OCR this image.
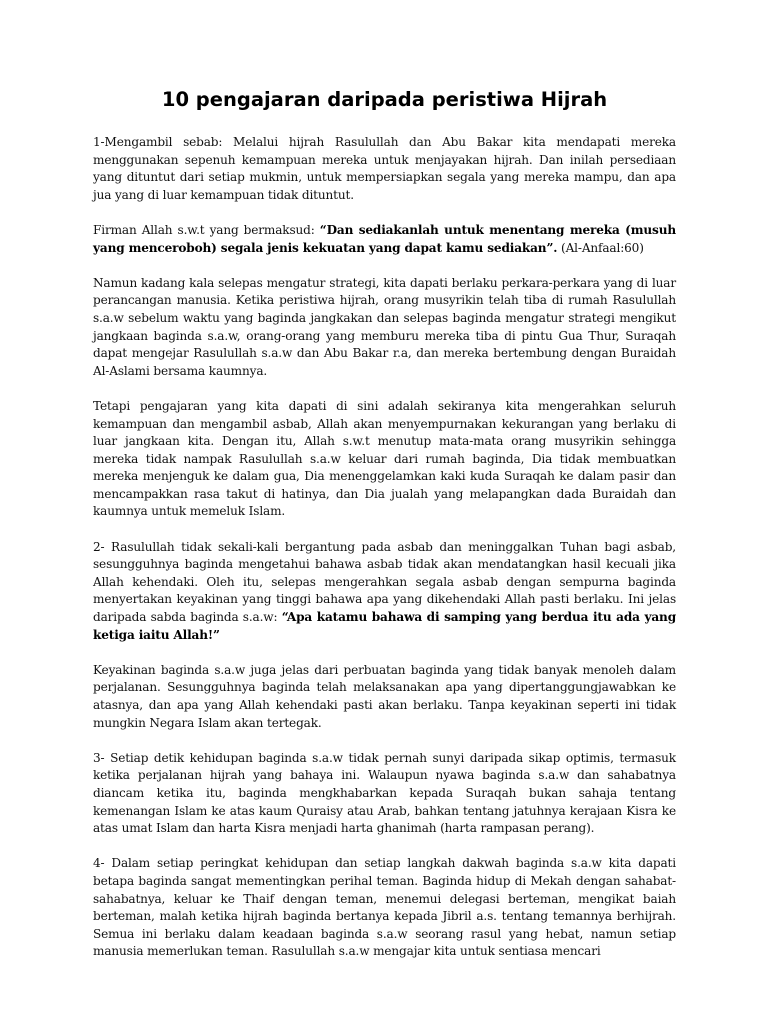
10 pengajaran daripada peristiwa Hijrah

1-Mengambil sebab: Melalui hijrah Rasulullah dan Abu Bakar kita mendapati mereka menggunakan sepenuh kemampuan mereka untuk menjayakan hijrah. Dan inilah persediaan yang dituntut dari setiap mukmin, untuk mempersiapkan segala yang mereka mampu, dan apa jua yang di luar kemampuan tidak dituntut.

Firman Allah s.w.t yang bermaksud: “Dan sediakanlah untuk menentang mereka (musuh yang menceroboh) segala jenis kekuatan yang dapat kamu sediakan”. (Al-Anfaal:60)

Namun kadang kala selepas mengatur strategi, kita dapati berlaku perkara-perkara yang di luar perancangan manusia. Ketika peristiwa hijrah, orang musyrikin telah tiba di rumah Rasulullah s.a.w sebelum waktu yang baginda jangkakan dan selepas baginda mengatur strategi mengikut jangkaan baginda s.a.w, orang-orang yang memburu mereka tiba di pintu Gua Thur, Suraqah dapat mengejar Rasulullah s.a.w dan Abu Bakar r.a, dan mereka bertembung dengan Buraidah Al-Aslami bersama kaumnya.

Tetapi pengajaran yang kita dapati di sini adalah sekiranya kita mengerahkan seluruh kemampuan dan mengambil asbab, Allah akan menyempurnakan kekurangan yang berlaku di luar jangkaan kita. Dengan itu, Allah s.w.t menutup mata-mata orang musyrikin sehingga mereka tidak nampak Rasulullah s.a.w keluar dari rumah baginda, Dia tidak membuatkan mereka menjenguk ke dalam gua, Dia menenggelamkan kaki kuda Suraqah ke dalam pasir dan mencampakkan rasa takut di hatinya, dan Dia jualah yang melapangkan dada Buraidah dan kaumnya untuk memeluk Islam.

2- Rasulullah tidak sekali-kali bergantung pada asbab dan meninggalkan Tuhan bagi asbab, sesungguhnya baginda mengetahui bahawa asbab tidak akan mendatangkan hasil kecuali jika Allah kehendaki. Oleh itu, selepas mengerahkan segala asbab dengan sempurna baginda menyertakan keyakinan yang tinggi bahawa apa yang dikehendaki Allah pasti berlaku. Ini jelas daripada sabda baginda s.a.w: “Apa katamu bahawa di samping yang berdua itu ada yang ketiga iaitu Allah!”

Keyakinan baginda s.a.w juga jelas dari perbuatan baginda yang tidak banyak menoleh dalam perjalanan. Sesungguhnya baginda telah melaksanakan apa yang dipertanggungjawabkan ke atasnya, dan apa yang Allah kehendaki pasti akan berlaku. Tanpa keyakinan seperti ini tidak mungkin Negara Islam akan tertegak.

3- Setiap detik kehidupan baginda s.a.w tidak pernah sunyi daripada sikap optimis, termasuk ketika perjalanan hijrah yang bahaya ini. Walaupun nyawa baginda s.a.w dan sahabatnya diancam ketika itu, baginda mengkhabarkan kepada Suraqah bukan sahaja tentang kemenangan Islam ke atas kaum Quraisy atau Arab, bahkan tentang jatuhnya kerajaan Kisra ke atas umat Islam dan harta Kisra menjadi harta ghanimah (harta rampasan perang).

4- Dalam setiap peringkat kehidupan dan setiap langkah dakwah baginda s.a.w kita dapati betapa baginda sangat mementingkan perihal teman. Baginda hidup di Mekah dengan sahabat-sahabatnya, keluar ke Thaif dengan teman, menemui delegasi berteman, mengikat baiah berteman, malah ketika hijrah baginda bertanya kepada Jibril a.s. tentang temannya berhijrah. Semua ini berlaku dalam keadaan baginda s.a.w seorang rasul yang hebat, namun setiap manusia memerlukan teman. Rasulullah s.a.w mengajar kita untuk sentiasa mencari
